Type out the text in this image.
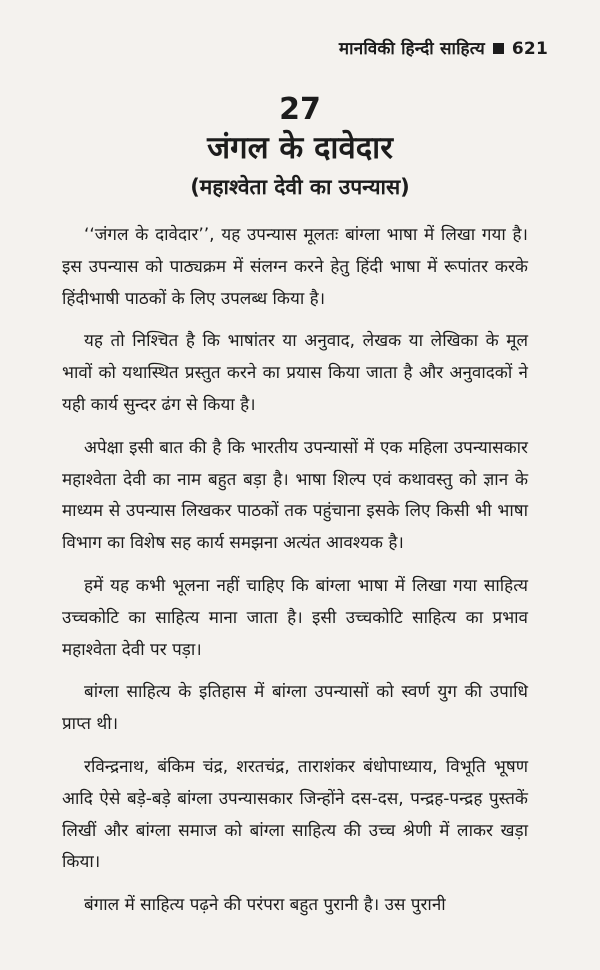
मानविकी हिन्दी साहित्य 621
27
जंगल के दावेदार
(महाश्वेता देवी का उपन्यास)

‘‘जंगल के दावेदार’’, यह उपन्यास मूलतः बांग्ला भाषा में लिखा गया है। इस उपन्यास को पाठ्यक्रम में संलग्न करने हेतु हिंदी भाषा में रूपांतर करके हिंदीभाषी पाठकों के लिए उपलब्ध किया है।

यह तो निश्चित है कि भाषांतर या अनुवाद, लेखक या लेखिका के मूल भावों को यथास्थित प्रस्तुत करने का प्रयास किया जाता है और अनुवादकों ने यही कार्य सुन्दर ढंग से किया है।

अपेक्षा इसी बात की है कि भारतीय उपन्यासों में एक महिला उपन्यासकार महाश्वेता देवी का नाम बहुत बड़ा है। भाषा शिल्प एवं कथावस्तु को ज्ञान के माध्यम से उपन्यास लिखकर पाठकों तक पहुंचाना इसके लिए किसी भी भाषा विभाग का विशेष सह कार्य समझना अत्यंत आवश्यक है।

हमें यह कभी भूलना नहीं चाहिए कि बांग्ला भाषा में लिखा गया साहित्य उच्चकोटि का साहित्य माना जाता है। इसी उच्चकोटि साहित्य का प्रभाव महाश्वेता देवी पर पड़ा।

बांग्ला साहित्य के इतिहास में बांग्ला उपन्यासों को स्वर्ण युग की उपाधि प्राप्त थी।

रविन्द्रनाथ, बंकिम चंद्र, शरतचंद्र, ताराशंकर बंधोपाध्याय, विभूति भूषण आदि ऐसे बड़े-बड़े बांग्ला उपन्यासकार जिन्होंने दस-दस, पन्द्रह-पन्द्रह पुस्तकें लिखीं और बांग्ला समाज को बांग्ला साहित्य की उच्च श्रेणी में लाकर खड़ा किया।

बंगाल में साहित्य पढ़ने की परंपरा बहुत पुरानी है। उस पुरानी
